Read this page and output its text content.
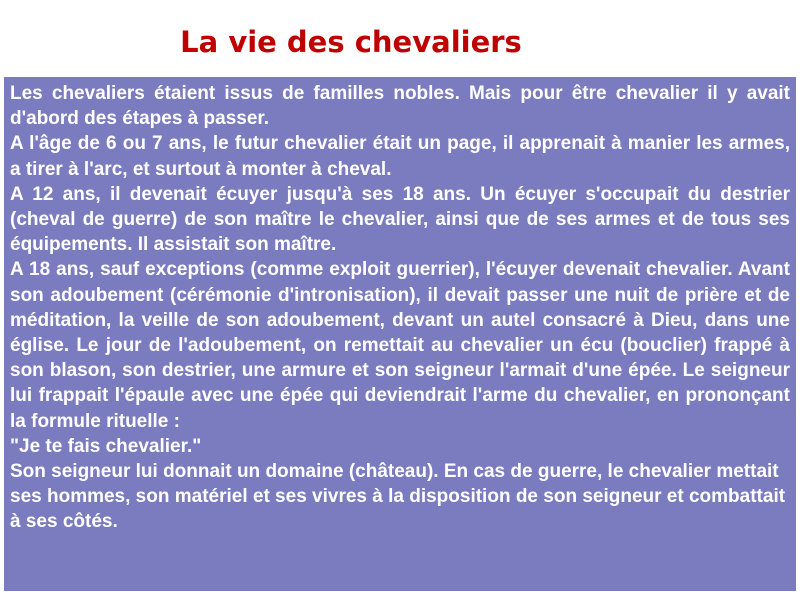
La vie des chevaliers

Les chevaliers étaient issus de familles nobles. Mais pour être chevalier il y avait d'abord des étapes à passer.

A l'âge de 6 ou 7 ans, le futur chevalier était un page, il apprenait à manier les armes, a tirer à l'arc, et surtout à monter à cheval.

A 12 ans, il devenait écuyer jusqu'à ses 18 ans. Un écuyer s'occupait du destrier (cheval de guerre) de son maître le chevalier, ainsi que de ses armes et de tous ses équipements. Il assistait son maître.

A 18 ans, sauf exceptions (comme exploit guerrier), l'écuyer devenait chevalier. Avant son adoubement (cérémonie d'intronisation), il devait passer une nuit de prière et de méditation, la veille de son adoubement, devant un autel consacré à Dieu, dans une église. Le jour de l'adoubement, on remettait au chevalier un écu (bouclier) frappé à son blason, son destrier, une armure et son seigneur l'armait d'une épée. Le seigneur lui frappait l'épaule avec une épée qui deviendrait l'arme du chevalier, en prononçant la formule rituelle :

"Je te fais chevalier."

Son seigneur lui donnait un domaine (château). En cas de guerre, le chevalier mettait ses hommes, son matériel et ses vivres à la disposition de son seigneur et combattait à ses côtés.
